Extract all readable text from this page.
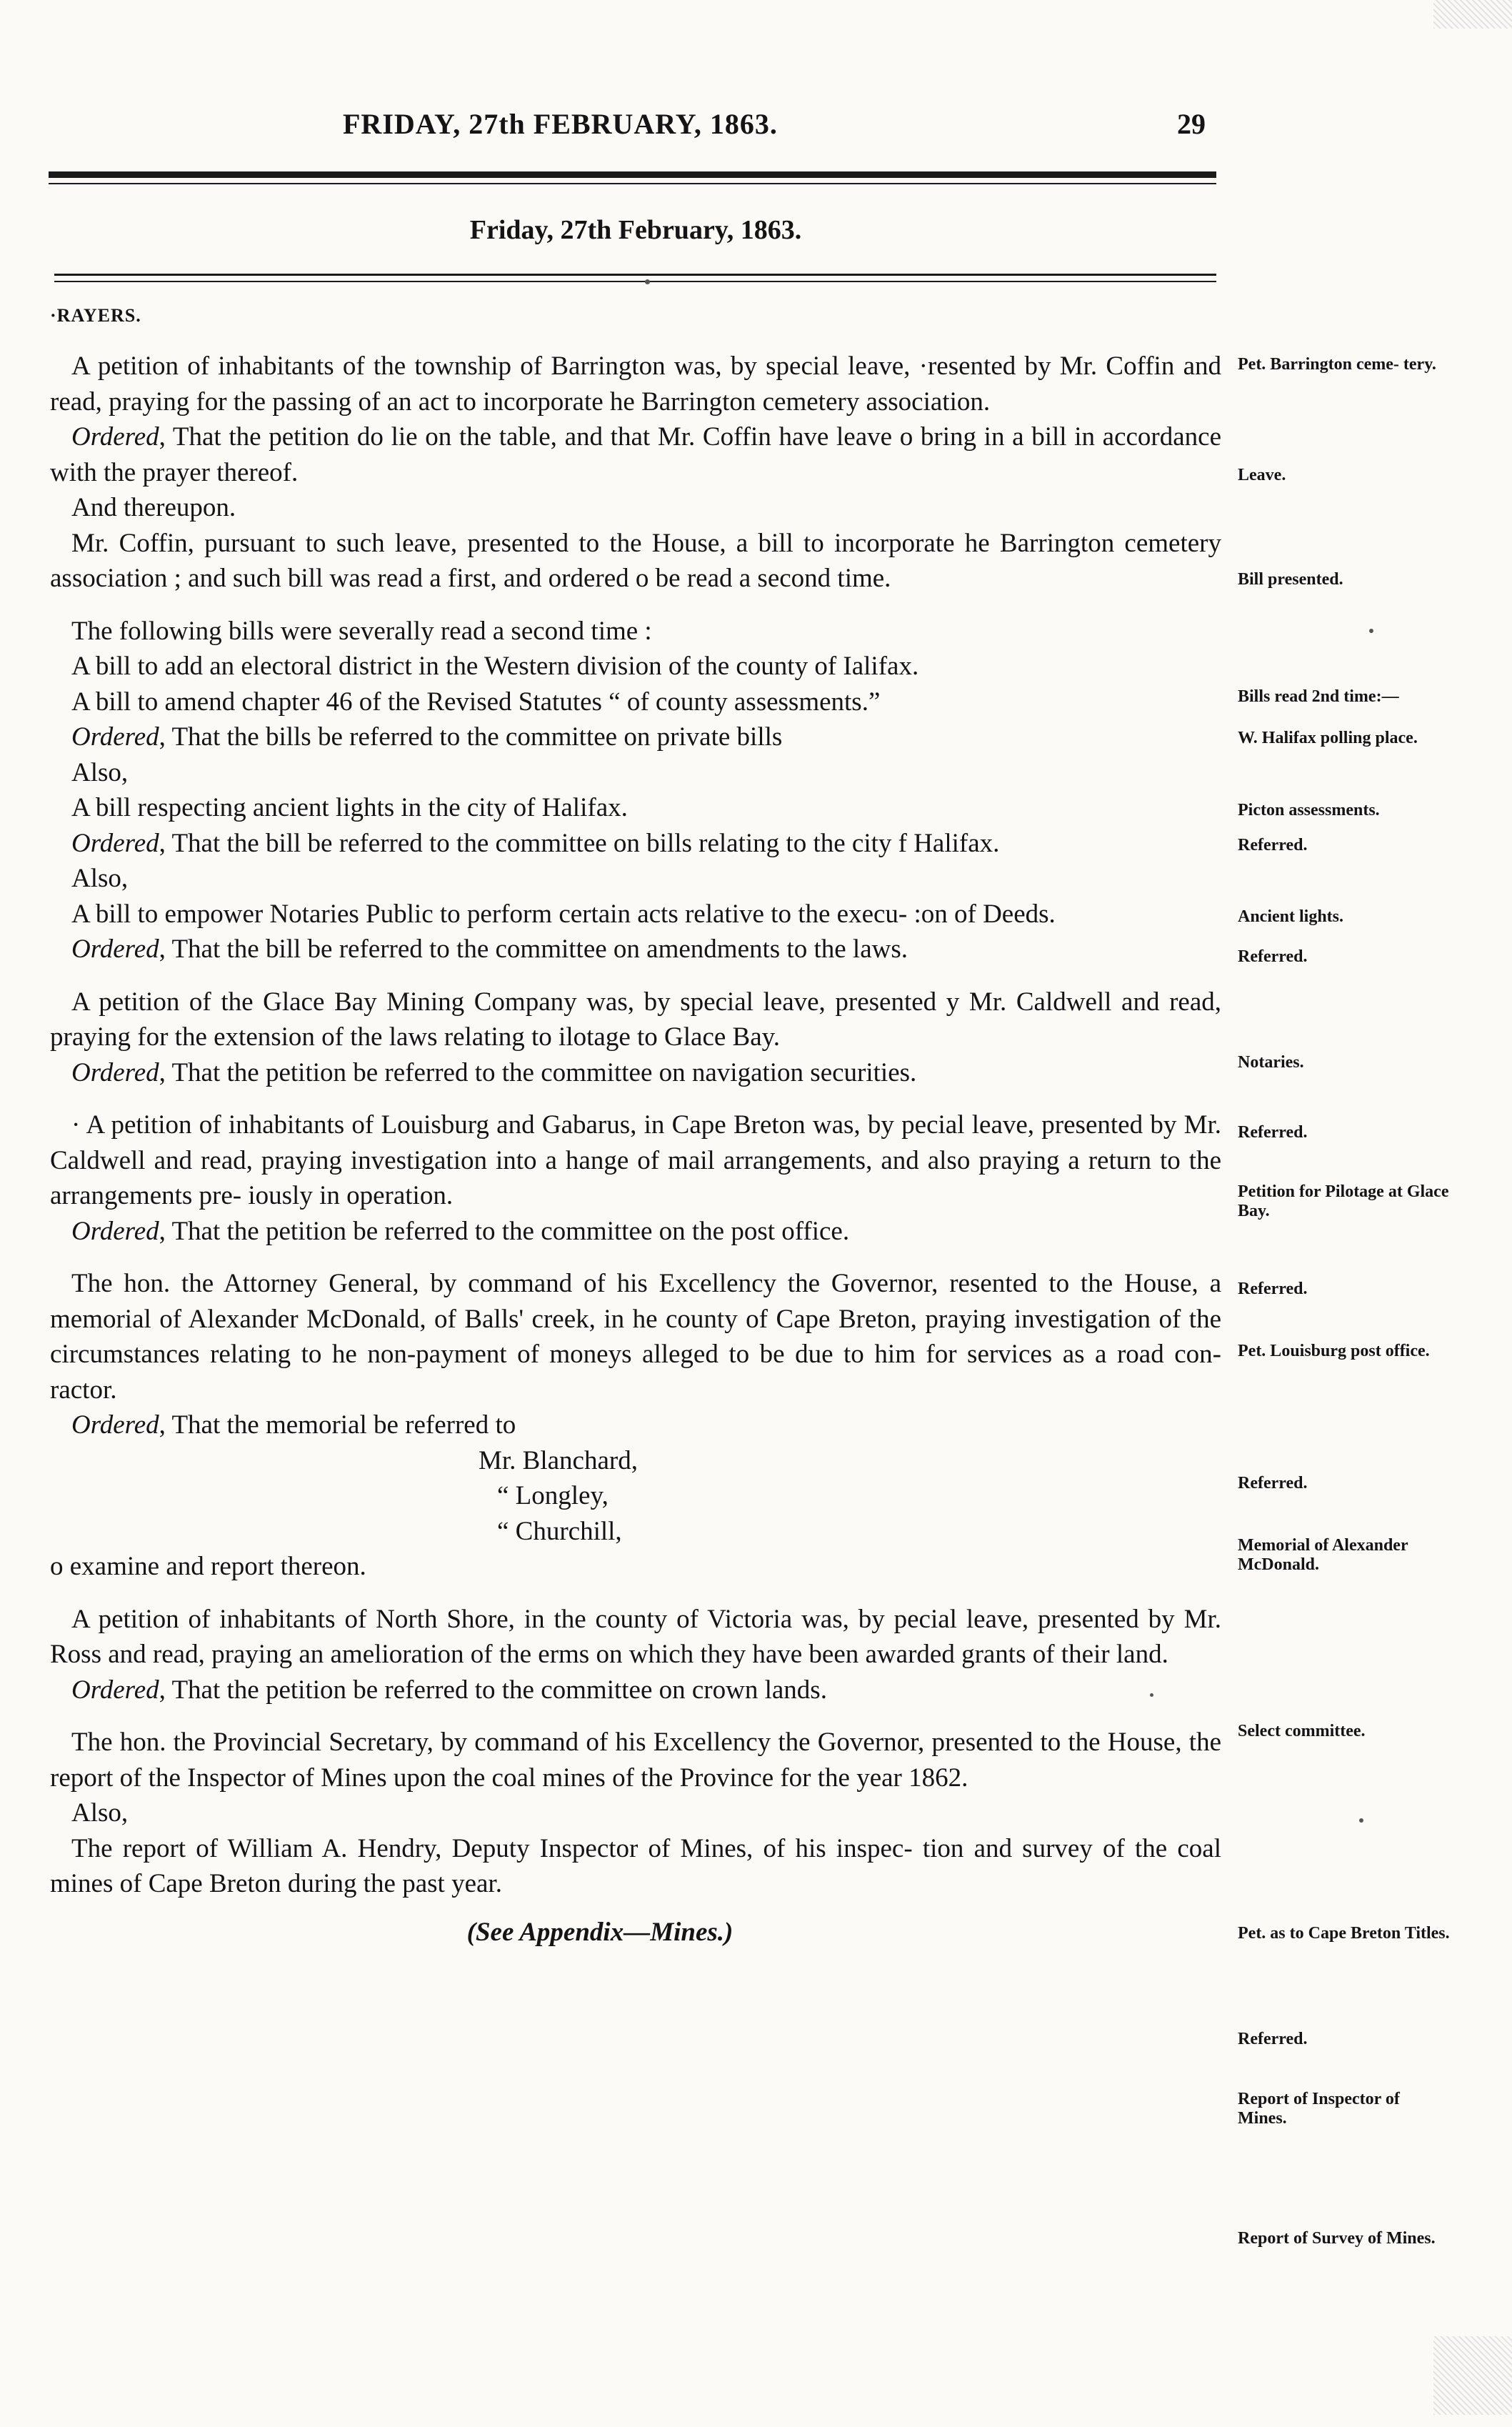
FRIDAY, 27th FEBRUARY, 1863.	29
Friday, 27th February, 1863.
·RAYERS.

A petition of inhabitants of the township of Barrington was, by special leave, ·resented by Mr. Coffin and read, praying for the passing of an act to incorporate he Barrington cemetery association.

Ordered, That the petition do lie on the table, and that Mr. Coffin have leave o bring in a bill in accordance with the prayer thereof.

And thereupon.

Mr. Coffin, pursuant to such leave, presented to the House, a bill to incorporate he Barrington cemetery association ; and such bill was read a first, and ordered o be read a second time.

The following bills were severally read a second time :

A bill to add an electoral district in the Western division of the county of Ialifax.

A bill to amend chapter 46 of the Revised Statutes “ of county assessments.”

Ordered, That the bills be referred to the committee on private bills

Also,

A bill respecting ancient lights in the city of Halifax.

Ordered, That the bill be referred to the committee on bills relating to the city f Halifax.

Also,

A bill to empower Notaries Public to perform certain acts relative to the execu- :on of Deeds.

Ordered, That the bill be referred to the committee on amendments to the laws.

A petition of the Glace Bay Mining Company was, by special leave, presented y Mr. Caldwell and read, praying for the extension of the laws relating to ilotage to Glace Bay.

Ordered, That the petition be referred to the committee on navigation securities.

· A petition of inhabitants of Louisburg and Gabarus, in Cape Breton was, by pecial leave, presented by Mr. Caldwell and read, praying investigation into a hange of mail arrangements, and also praying a return to the arrangements pre- iously in operation.

Ordered, That the petition be referred to the committee on the post office.

The hon. the Attorney General, by command of his Excellency the Governor, resented to the House, a memorial of Alexander McDonald, of Balls' creek, in he county of Cape Breton, praying investigation of the circumstances relating to he non-payment of moneys alleged to be due to him for services as a road con- ractor.

Ordered, That the memorial be referred to

Mr. Blanchard,
“ Longley,
“ Churchill,

o examine and report thereon.

A petition of inhabitants of North Shore, in the county of Victoria was, by pecial leave, presented by Mr. Ross and read, praying an amelioration of the erms on which they have been awarded grants of their land.

Ordered, That the petition be referred to the committee on crown lands.

The hon. the Provincial Secretary, by command of his Excellency the Governor, presented to the House, the report of the Inspector of Mines upon the coal mines of the Province for the year 1862.

Also,

The report of William A. Hendry, Deputy Inspector of Mines, of his inspec- tion and survey of the coal mines of Cape Breton during the past year.

(See Appendix—Mines.)
Pet. Barrington ceme- tery.
Leave.
Bill presented.
Bills read 2nd time:—
W. Halifax polling place.
Picton assessments.
Referred.
Ancient lights.
Referred.
Notaries.
Referred.
Petition for Pilotage at Glace Bay.
Referred.
Pet. Louisburg post office.
Referred.
Memorial of Alexander McDonald.
Select committee.
Pet. as to Cape Breton Titles.
Referred.
Report of Inspector of Mines.
Report of Survey of Mines.
